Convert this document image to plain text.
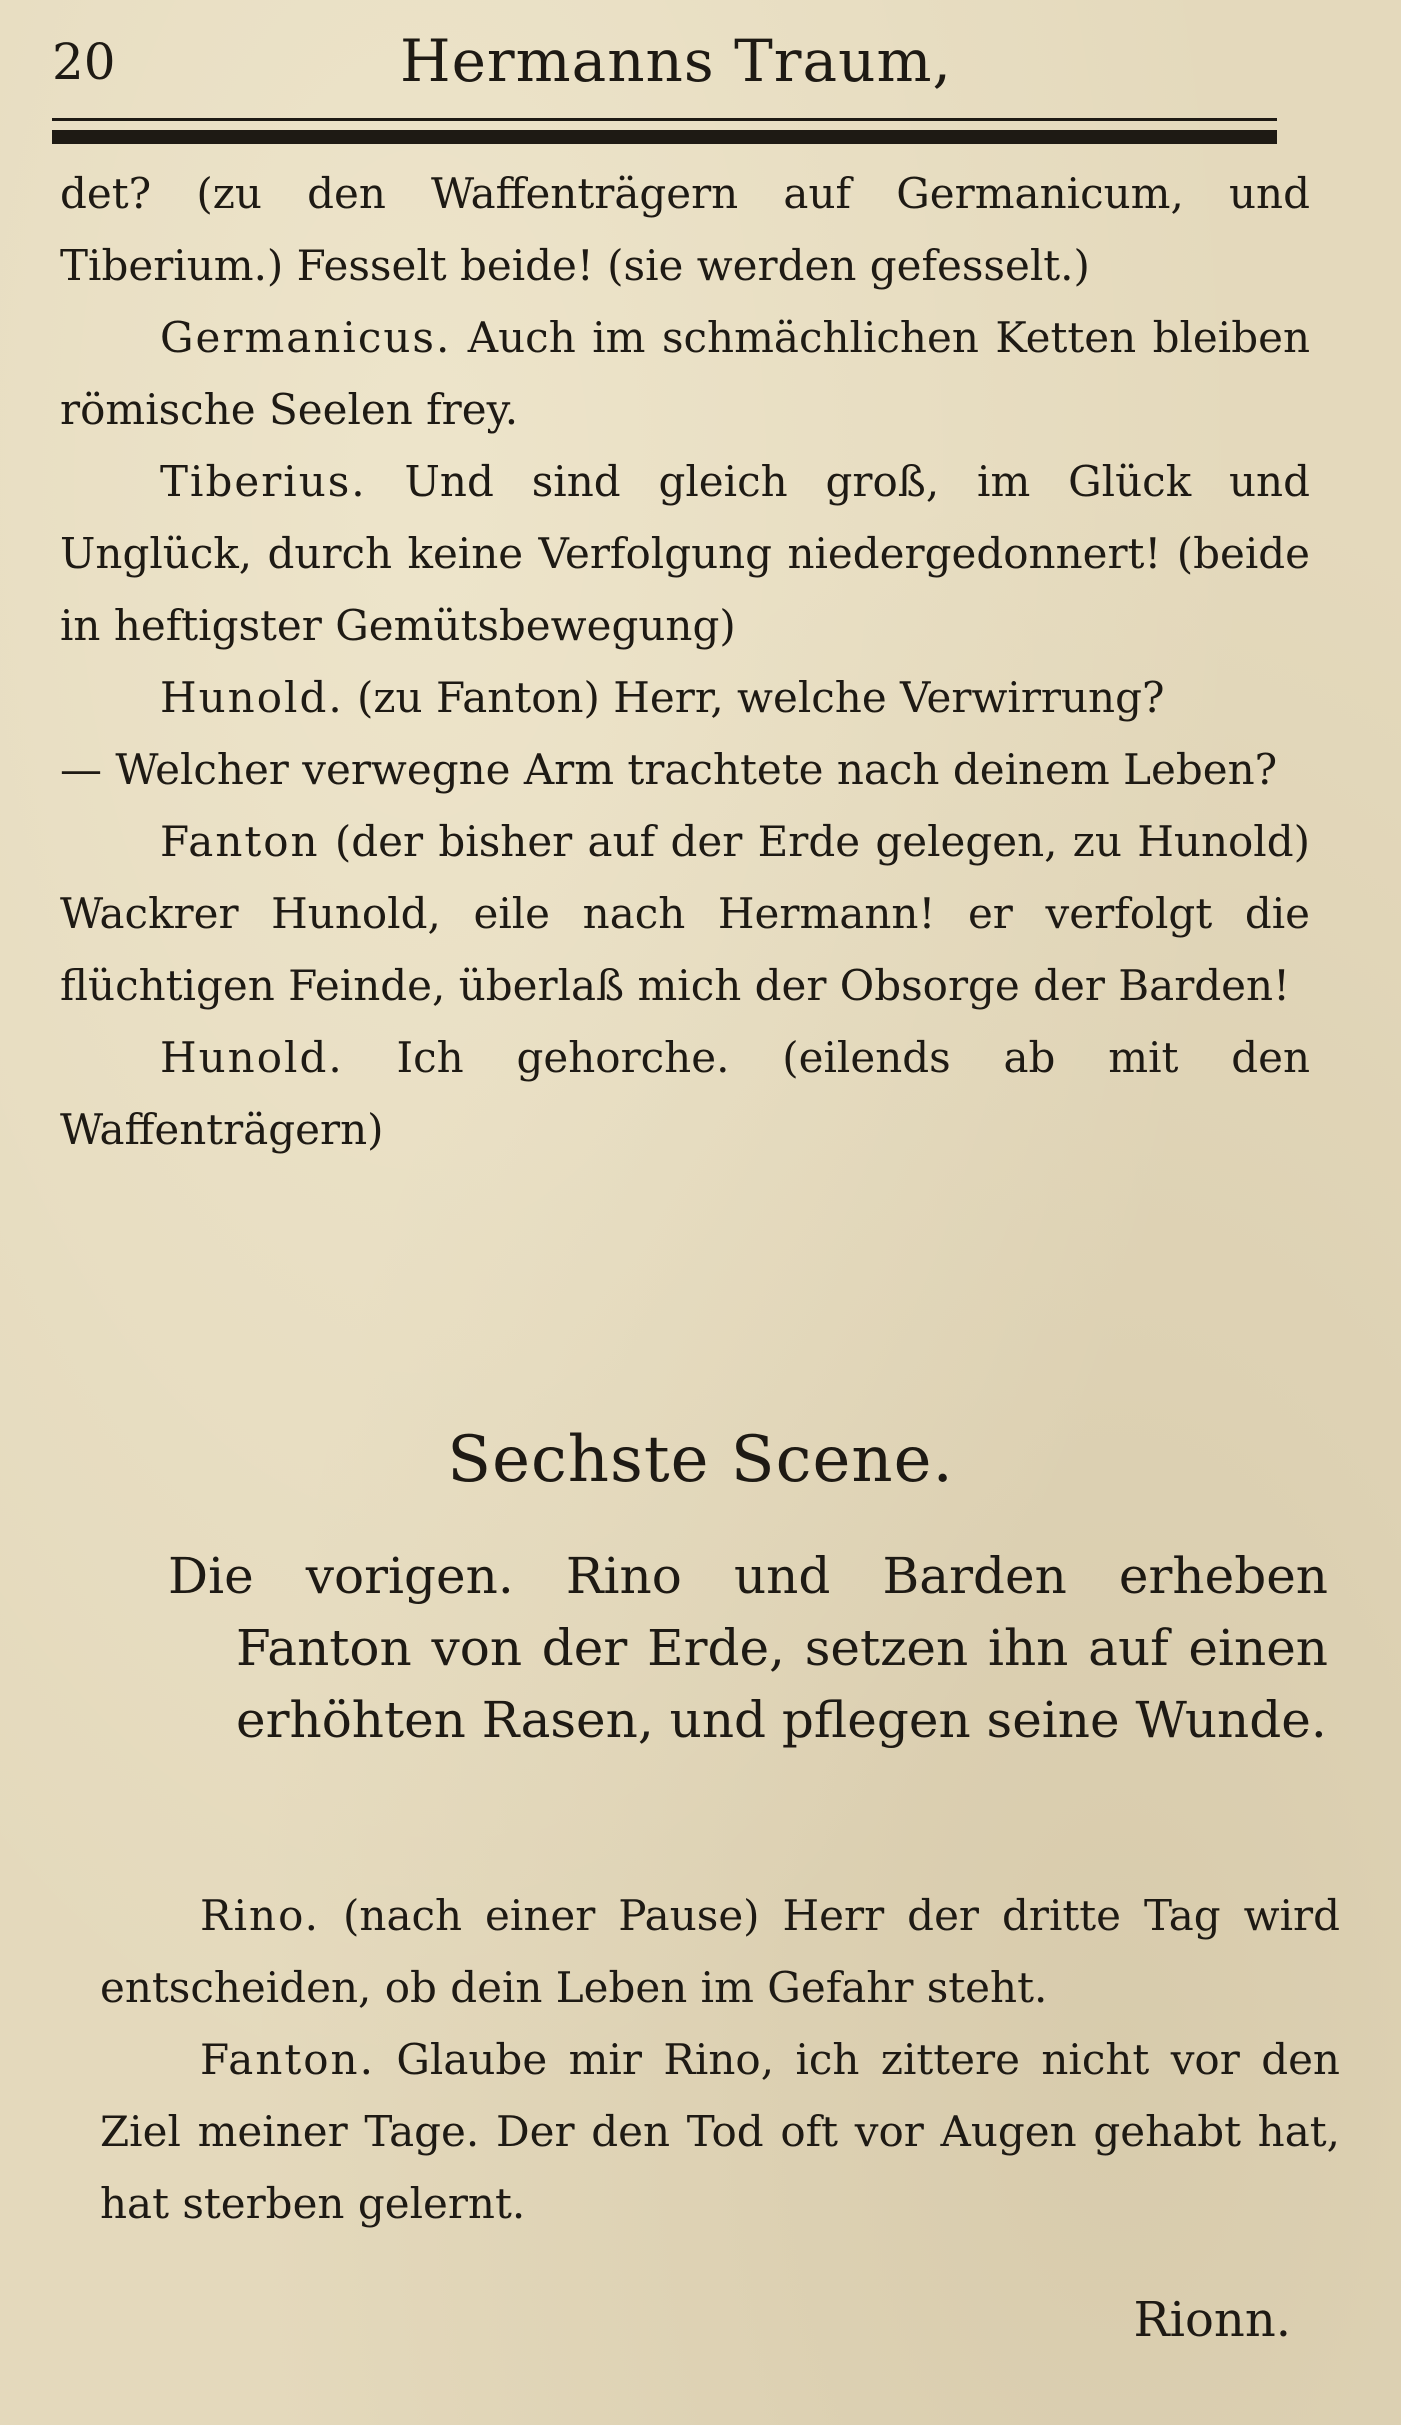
20	Hermanns Traum,

det? (zu den Waffenträgern auf Germanicum, und Tiberium.) Fesselt beide! (sie werden gefesselt.)

Germanicus. Auch im schmächlichen Ketten bleiben römische Seelen frey.

Tiberius. Und sind gleich groß, im Glück und Unglück, durch keine Verfolgung niedergedonnert! (beide in heftigster Gemütsbewegung)

Hunold. (zu Fanton) Herr, welche Verwirrung?

— Welcher verwegne Arm trachtete nach deinem Leben?

Fanton (der bisher auf der Erde gelegen, zu Hunold) Wackrer Hunold, eile nach Hermann! er verfolgt die flüchtigen Feinde, überlaß mich der Obsorge der Barden!

Hunold. Ich gehorche. (eilends ab mit den Waffenträgern)

Sechste Scene.
Die vorigen. Rino und Barden erheben Fanton von der Erde, setzen ihn auf einen erhöhten Rasen, und pflegen seine Wunde.

Rino. (nach einer Pause) Herr der dritte Tag wird entscheiden, ob dein Leben im Gefahr steht.

Fanton. Glaube mir Rino, ich zittere nicht vor den Ziel meiner Tage. Der den Tod oft vor Augen gehabt hat, hat sterben gelernt.

Rionn.
